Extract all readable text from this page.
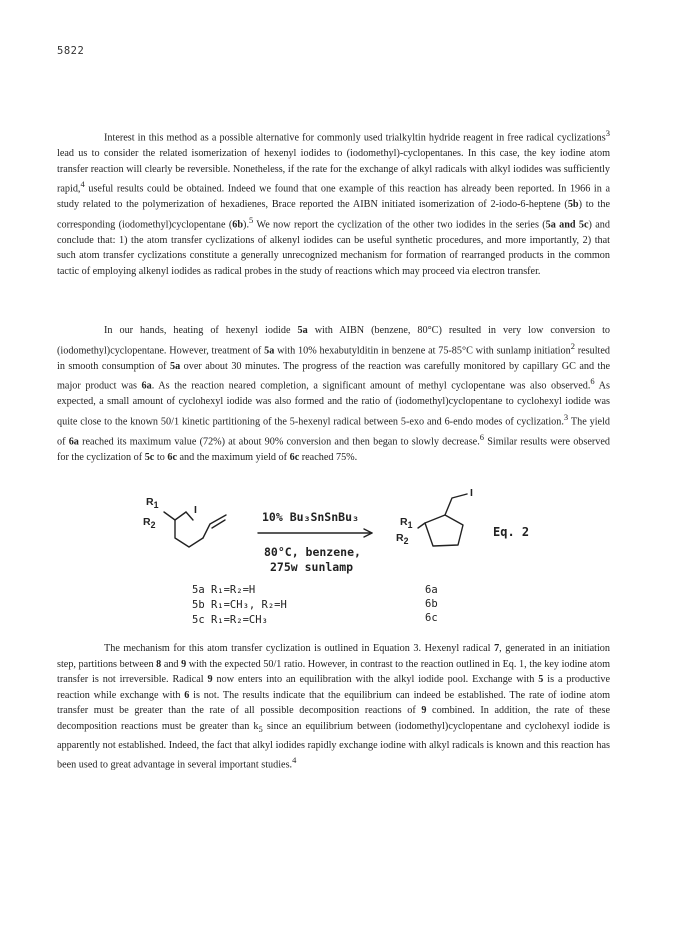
5822

Interest in this method as a possible alternative for commonly used trialkyltin hydride reagent in free radical cyclizations$^3$ lead us to consider the related isomerization of hexenyl iodides to (iodomethyl)-cyclopentanes. In this case, the key iodine atom transfer reaction will clearly be reversible. Nonetheless, if the rate for the exchange of alkyl radicals with alkyl iodides was sufficiently rapid,$^4$ useful results could be obtained. Indeed we found that one example of this reaction has already been reported. In 1966 in a study related to the polymerization of hexadienes, Brace reported the AIBN initiated isomerization of 2-iodo-6-heptene (5b) to the corresponding (iodomethyl)cyclopentane (6b).$^5$ We now report the cyclization of the other two iodides in the series (5a and 5c) and conclude that: 1) the atom transfer cyclizations of alkenyl iodides can be useful synthetic procedures, and more importantly, 2) that such atom transfer cyclizations constitute a generally unrecognized mechanism for formation of rearranged products in the common tactic of employing alkenyl iodides as radical probes in the study of reactions which may proceed via electron transfer.

In our hands, heating of hexenyl iodide 5a with AIBN (benzene, 80°C) resulted in very low conversion to (iodomethyl)cyclopentane. However, treatment of 5a with 10% hexabutylditin in benzene at 75-85°C with sunlamp initiation$^2$ resulted in smooth consumption of 5a over about 30 minutes. The progress of the reaction was carefully monitored by capillary GC and the major product was 6a. As the reaction neared completion, a significant amount of methyl cyclopentane was also observed.$^6$ As expected, a small amount of cyclohexyl iodide was also formed and the ratio of (iodomethyl)cyclopentane to cyclohexyl iodide was quite close to the known 50/1 kinetic partitioning of the 5-hexenyl radical between 5-exo and 6-endo modes of cyclization.$^3$ The yield of 6a reached its maximum value (72%) at about 90% conversion and then began to slowly decrease.$^6$ Similar results were observed for the cyclization of 5c to 6c and the maximum yield of 6c reached 75%.

$R_1$
$R_2$
I	10% Bu₃SnSnBu₃
80°C, benzene,
275w sunlamp
$R_1$
$R_2$
I
Eq. 2
5a R₁=R₂=H
5b R₁=CH₃, R₂=H
5c R₁=R₂=CH₃
6a
6b
6c

The mechanism for this atom transfer cyclization is outlined in Equation 3. Hexenyl radical 7, generated in an initiation step, partitions between 8 and 9 with the expected 50/1 ratio. However, in contrast to the reaction outlined in Eq. 1, the key iodine atom transfer is not irreversible. Radical 9 now enters into an equilibration with the alkyl iodide pool. Exchange with 5 is a productive reaction while exchange with 6 is not. The results indicate that the equilibrium can indeed be established. The rate of iodine atom transfer must be greater than the rate of all possible decomposition reactions of 9 combined. In addition, the rate of these decomposition reactions must be greater than $k_5$ since an equilibrium between (iodomethyl)cyclopentane and cyclohexyl iodide is apparently not established. Indeed, the fact that alkyl iodides rapidly exchange iodine with alkyl radicals is known and this reaction has been used to great advantage in several important studies.$^4$
